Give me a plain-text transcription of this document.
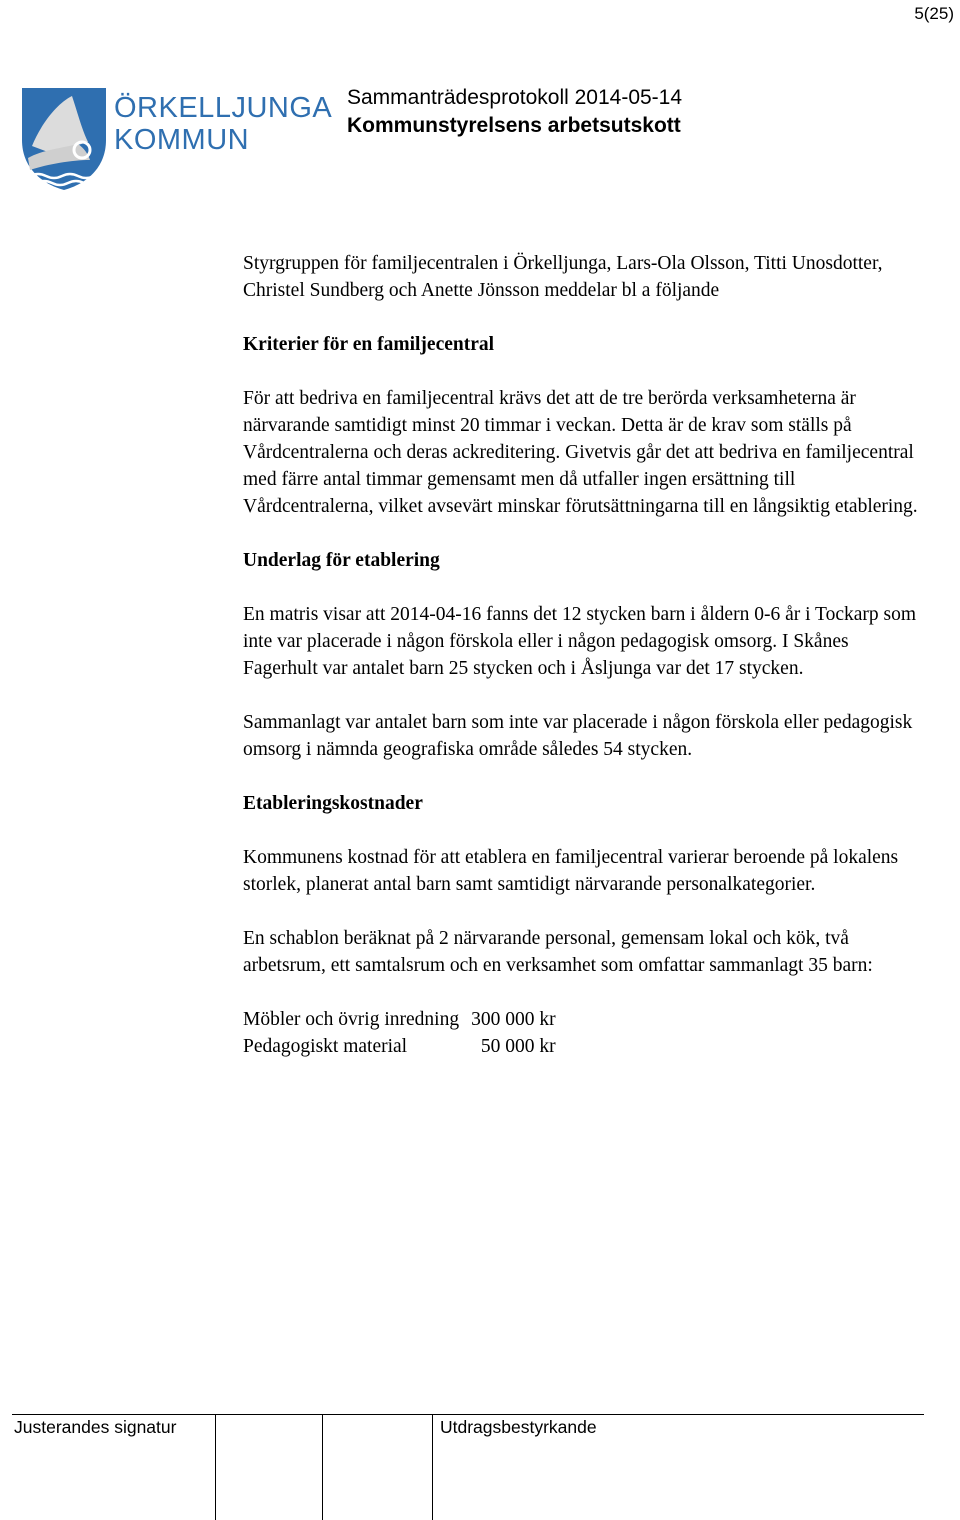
5(25)
ÖRKELLJUNGA
KOMMUN
Sammanträdesprotokoll 2014-05-14
Kommunstyrelsens arbetsutskott

Styrgruppen för familjecentralen i Örkelljunga, Lars-Ola Olsson, Titti Unosdotter, Christel Sundberg och Anette Jönsson meddelar bl a följande

Kriterier för en familjecentral

För att bedriva en familjecentral krävs det att de tre berörda verksamheterna är närvarande samtidigt minst 20 timmar i veckan. Detta är de krav som ställs på Vårdcentralerna och deras ackreditering. Givetvis går det att bedriva en familjecentral med färre antal timmar gemensamt men då utfaller ingen ersättning till Vårdcentralerna, vilket avsevärt minskar förutsättningarna till en långsiktig etablering.

Underlag för etablering

En matris visar att 2014-04-16 fanns det 12 stycken barn i åldern 0-6 år i Tockarp som inte var placerade i någon förskola eller i någon pedagogisk omsorg. I Skånes Fagerhult var antalet barn 25 stycken och i Åsljunga var det 17 stycken.

Sammanlagt var antalet barn som inte var placerade i någon förskola eller pedagogisk omsorg i nämnda geografiska område således 54 stycken.

Etableringskostnader

Kommunens kostnad för att etablera en familjecentral varierar beroende på lokalens storlek, planerat antal barn samt samtidigt närvarande personalkategorier.

En schablon beräknat på 2 närvarande personal, gemensam lokal och kök, två arbetsrum, ett samtalsrum och en verksamhet som omfattar sammanlagt 35 barn:

Möbler och övrig inredning	300 000 kr
Pedagogiskt material	50 000 kr
Justerandes signatur	Utdragsbestyrkande
